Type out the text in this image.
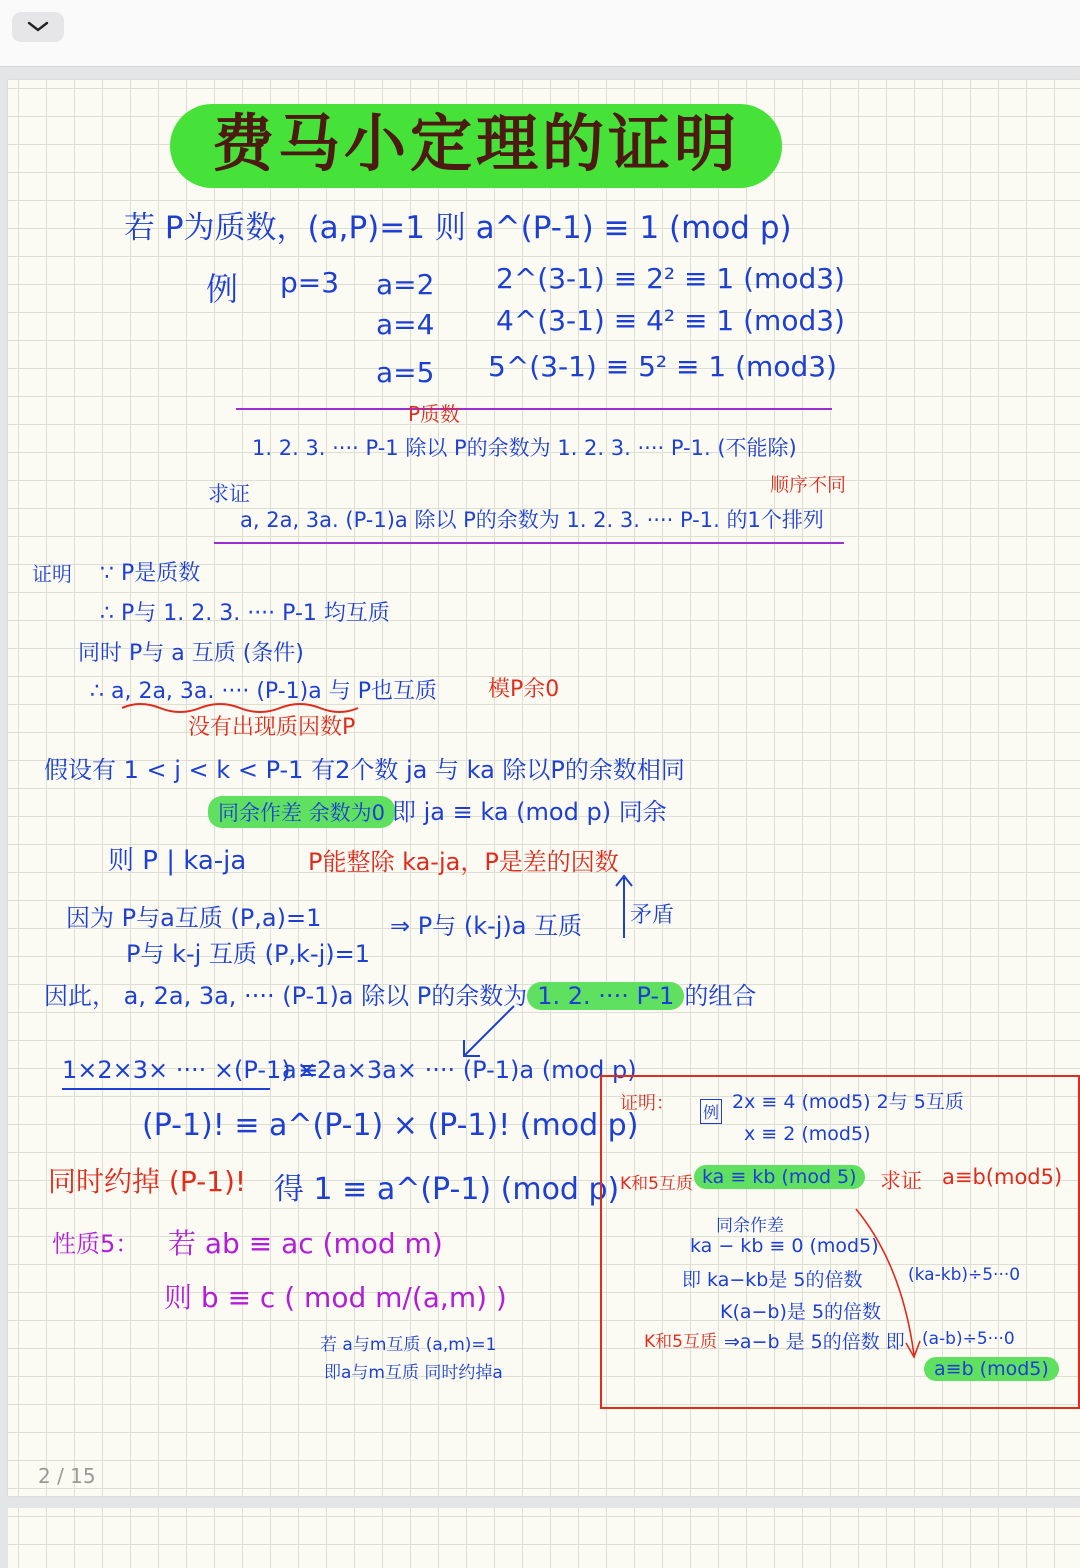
费马小定理的证明
若 P为质数，(a,P)=1 则 a^(P-1) ≡ 1 (mod p)
例 p=3 a=2 2^(3-1) ≡ 2² ≡ 1 (mod3)
a=4 4^(3-1) ≡ 4² ≡ 1 (mod3)
a=5 5^(3-1) ≡ 5² ≡ 1 (mod3)
P质数
1. 2. 3. ···· P-1 除以 P的余数为 1. 2. 3. ···· P-1. (不能除)
顺序不同
求证
a, 2a, 3a. (P-1)a 除以 P的余数为 1. 2. 3. ···· P-1. 的1个排列
证明 ∵ P是质数
∴ P与 1. 2. 3. ···· P-1 均互质
同时 P与 a 互质 (条件)
∴ a, 2a, 3a. ···· (P-1)a 与 P也互质 模P余0
没有出现质因数P
假设有 1 < j < k < P-1 有2个数 ja 与 ka 除以P的余数相同
同余作差 余数为0 即 ja ≡ ka (mod p) 同余
则 P | ka-ja	P能整除 ka-ja，P是差的因数
因为 P与a互质 (P,a)=1
P与 k-j 互质 (P,k-j)=1
⇒ P与 (k-j)a 互质 矛盾
因此， a, 2a, 3a, ···· (P-1)a 除以 P的余数为 1. 2. ···· P-1 的组合
1×2×3× ···· ×(P-1) ≡
a×2a×3a× ···· (P-1)a (mod p)
(P-1)! ≡ a^(P-1) × (P-1)! (mod p)
同时约掉 (P-1)! 得 1 ≡ a^(P-1) (mod p)
性质5： 若 ab ≡ ac (mod m)
则 b ≡ c ( mod m/(a,m) )
若 a与m互质 (a,m)=1
即a与m互质 同时约掉a
证明： 例 2x ≡ 4 (mod5) 2与 5互质
x ≡ 2 (mod5)
K和5互质 ka ≡ kb (mod 5)	求证 a≡b(mod5)
同余作差
ka − kb ≡ 0 (mod5)
即 ka−kb是 5的倍数	(ka-kb)÷5···0
K(a−b)是 5的倍数
K和5互质 ⇒a−b 是 5的倍数 即 (a-b)÷5···0
a≡b (mod5)
2 / 15
